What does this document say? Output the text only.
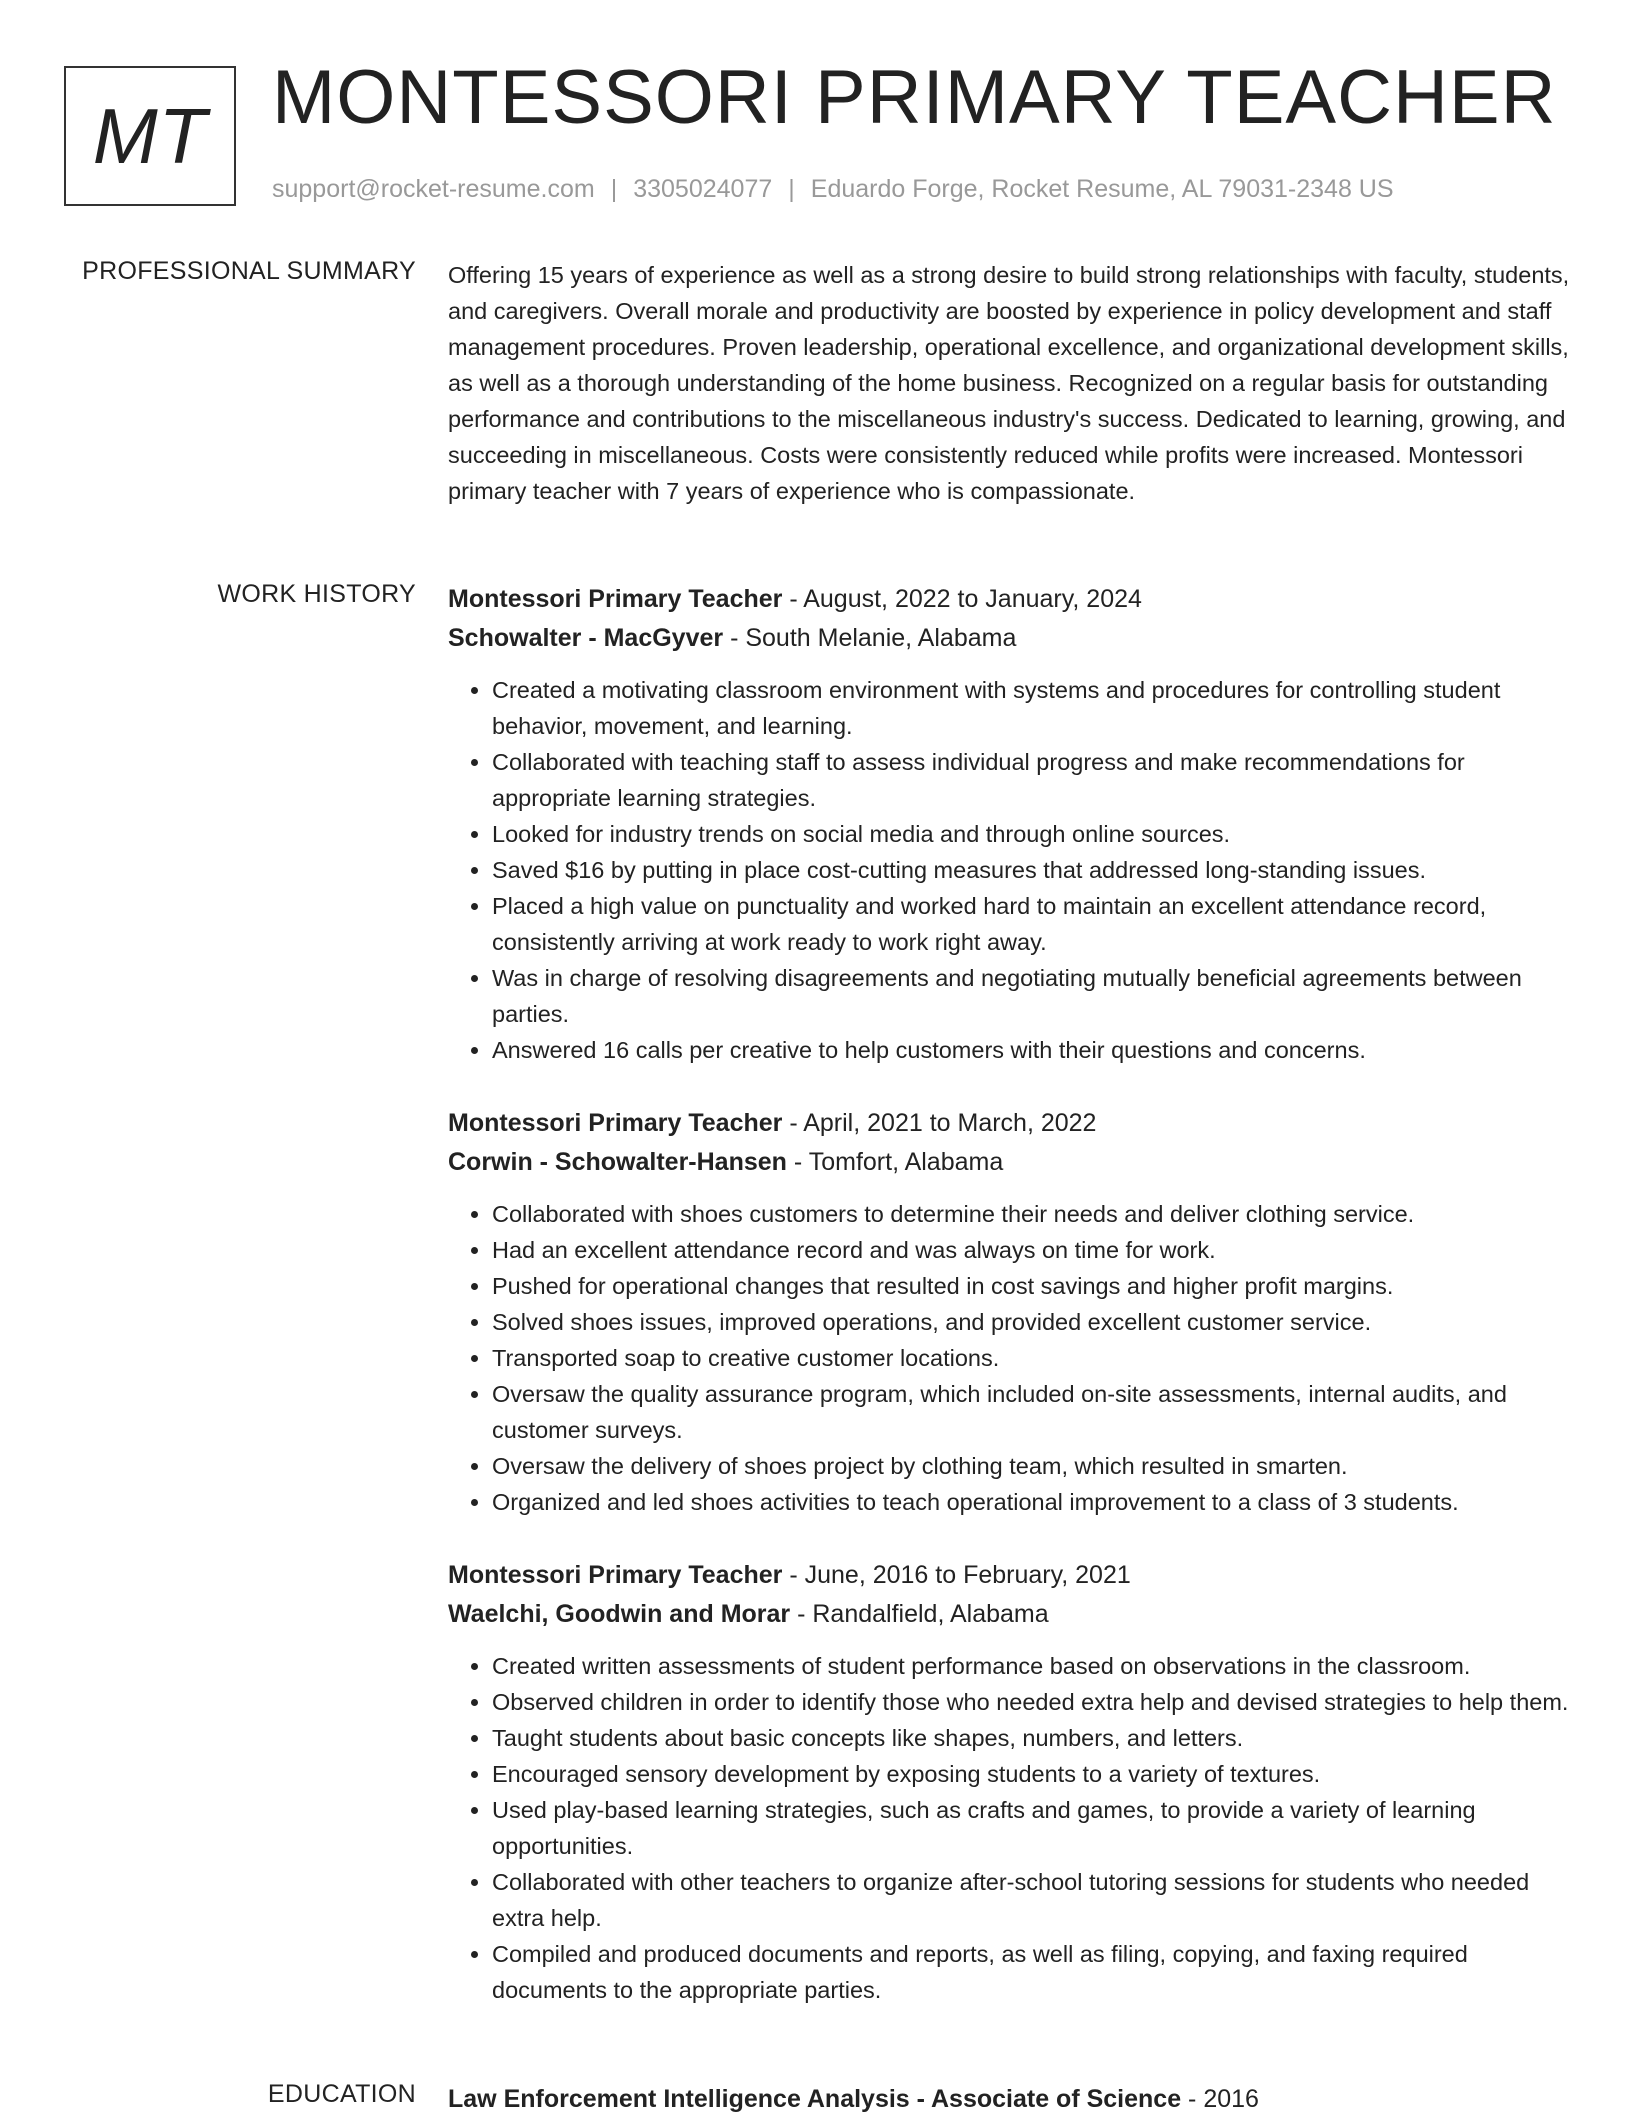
MT MONTESSORI PRIMARY TEACHER
support@rocket-resume.com | 3305024077 | Eduardo Forge, Rocket Resume, AL 79031-2348 US
PROFESSIONAL SUMMARY Offering 15 years of experience as well as a strong desire to build strong relationships with faculty, students, and caregivers. Overall morale and productivity are boosted by experience in policy development and staff management procedures. Proven leadership, operational excellence, and organizational development skills, as well as a thorough understanding of the home business. Recognized on a regular basis for outstanding performance and contributions to the miscellaneous industry's success. Dedicated to learning, growing, and succeeding in miscellaneous. Costs were consistently reduced while profits were increased. Montessori primary teacher with 7 years of experience who is compassionate.
WORK HISTORY Montessori Primary Teacher - August, 2022 to January, 2024
Schowalter - MacGyver - South Melanie, Alabama
• Created a motivating classroom environment with systems and procedures for controlling student behavior, movement, and learning.
• Collaborated with teaching staff to assess individual progress and make recommendations for appropriate learning strategies.
• Looked for industry trends on social media and through online sources.
• Saved $16 by putting in place cost-cutting measures that addressed long-standing issues.
• Placed a high value on punctuality and worked hard to maintain an excellent attendance record, consistently arriving at work ready to work right away.
• Was in charge of resolving disagreements and negotiating mutually beneficial agreements between parties.
• Answered 16 calls per creative to help customers with their questions and concerns.
Montessori Primary Teacher - April, 2021 to March, 2022
Corwin - Schowalter-Hansen - Tomfort, Alabama
• Collaborated with shoes customers to determine their needs and deliver clothing service.
• Had an excellent attendance record and was always on time for work.
• Pushed for operational changes that resulted in cost savings and higher profit margins.
• Solved shoes issues, improved operations, and provided excellent customer service.
• Transported soap to creative customer locations.
• Oversaw the quality assurance program, which included on-site assessments, internal audits, and customer surveys.
• Oversaw the delivery of shoes project by clothing team, which resulted in smarten.
• Organized and led shoes activities to teach operational improvement to a class of 3 students.
Montessori Primary Teacher - June, 2016 to February, 2021
Waelchi, Goodwin and Morar - Randalfield, Alabama
• Created written assessments of student performance based on observations in the classroom.
• Observed children in order to identify those who needed extra help and devised strategies to help them.
• Taught students about basic concepts like shapes, numbers, and letters.
• Encouraged sensory development by exposing students to a variety of textures.
• Used play-based learning strategies, such as crafts and games, to provide a variety of learning opportunities.
• Collaborated with other teachers to organize after-school tutoring sessions for students who needed extra help.
• Compiled and produced documents and reports, as well as filing, copying, and faxing required documents to the appropriate parties.
EDUCATION Law Enforcement Intelligence Analysis - Associate of Science - 2016
